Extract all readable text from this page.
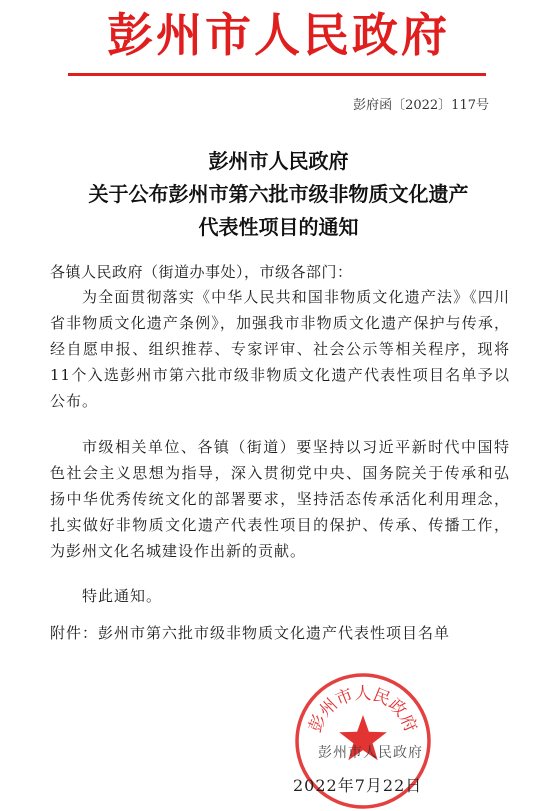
彭州市人民政府
彭府函〔2022〕117号
彭州市人民政府
关于公布彭州市第六批市级非物质文化遗产
代表性项目的通知
各镇人民政府（街道办事处），市级各部门：
为全面贯彻落实《中华人民共和国非物质文化遗产法》《四川省非物质文化遗产条例》，加强我市非物质文化遗产保护与传承，经自愿申报、组织推荐、专家评审、社会公示等相关程序，现将11个入选彭州市第六批市级非物质文化遗产代表性项目名单予以公布。
市级相关单位、各镇（街道）要坚持以习近平新时代中国特色社会主义思想为指导，深入贯彻党中央、国务院关于传承和弘扬中华优秀传统文化的部署要求，坚持活态传承活化利用理念，扎实做好非物质文化遗产代表性项目的保护、传承、传播工作，为彭州文化名城建设作出新的贡献。
特此通知。
附件：彭州市第六批市级非物质文化遗产代表性项目名单
彭州市人民政府
彭州市人民政府
2022年7月22日
